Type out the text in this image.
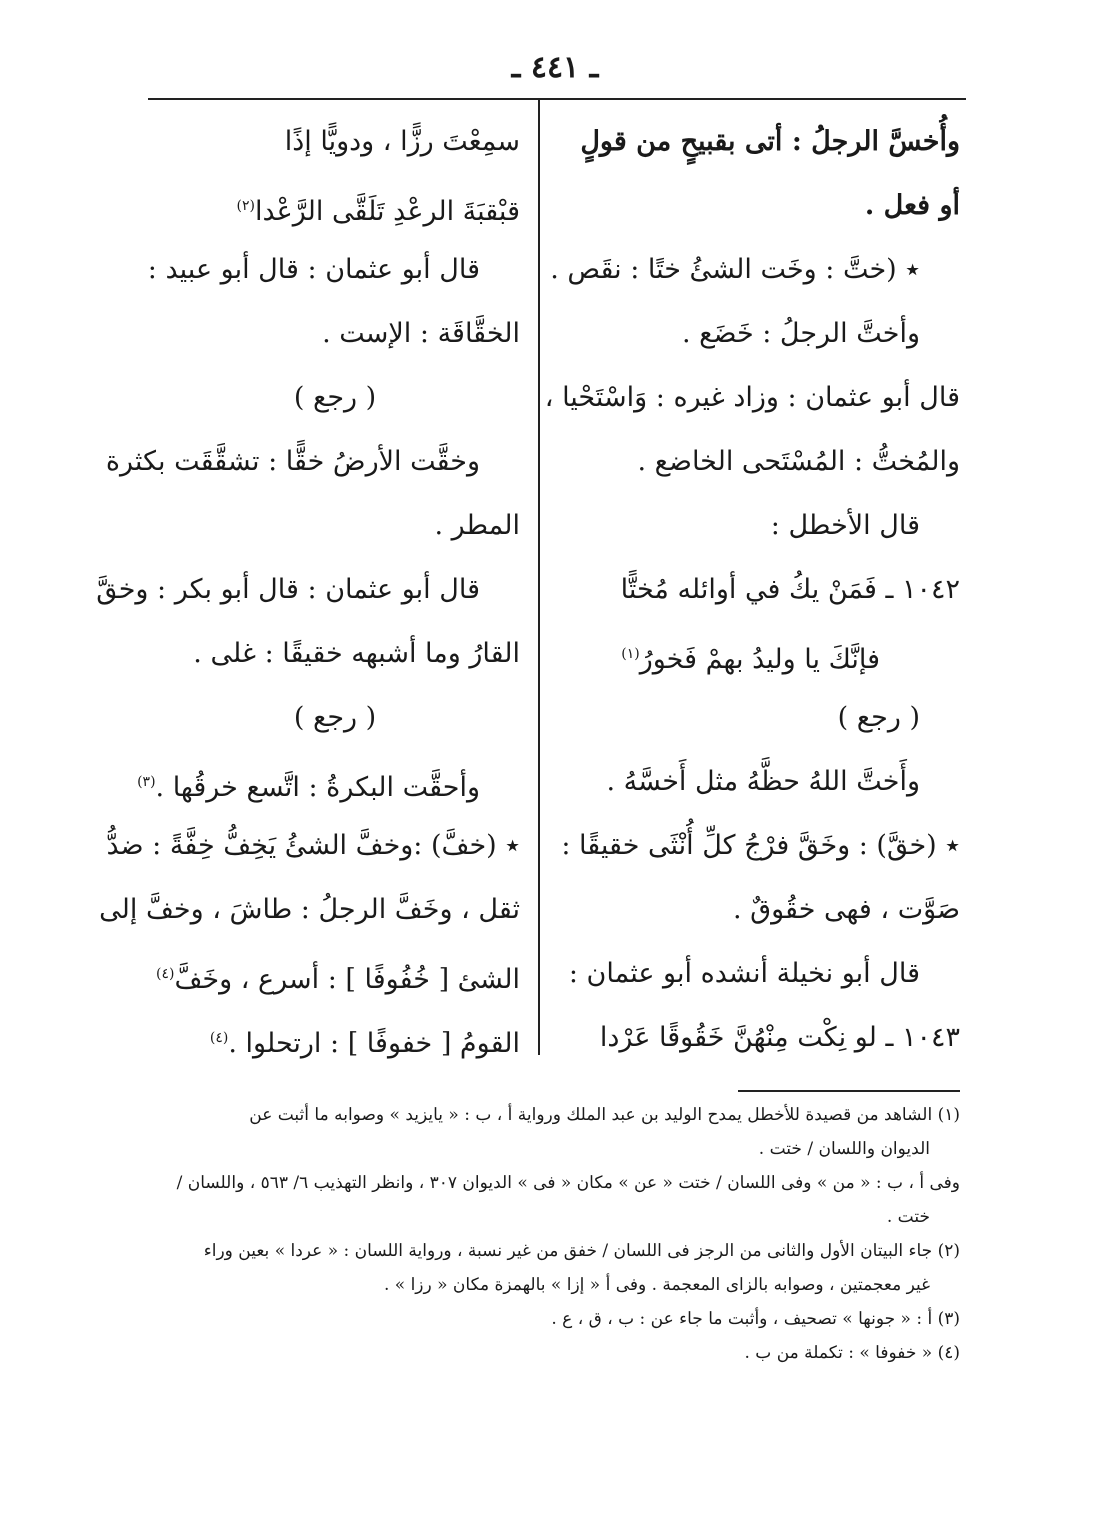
ـ ٤٤١ ـ
وأُخسَّ الرجلُ : أتى بقبيحٍ من قولٍ
أو فعل .
٭ (ختَّ : وخَت الشئُ ختًا : نقَص .
وأختَّ الرجلُ : خَضَع .
قال أبو عثمان : وزاد غيره : وَاسْتَحْيا ،
والمُختُّ : المُسْتَحى الخاضع .
قال الأخطل :
١٠٤٢ ـ فَمَنْ يكُ في أوائله مُختًّا
فإنَّكَ يا وليدُ بهمْ فَخورُ$^{(١)}$
( رجع )
وأَختَّ اللهُ حظَّهُ مثل أَخسَّهُ .
٭ (خقَّ) : وخَقَّ فرْجُ كلِّ أُنْثَى خقيقًا :
صَوَّت ، فهى خقُوقٌ .
قال أبو نخيلة أنشده أبو عثمان :
١٠٤٣ ـ لو نِكْت مِنْهُنَّ خَقُوقًا عَرْدا
سمِعْتَ رزًّا ، ودويًّا إذًا
قبْقبَةَ الرعْدِ تَلَقَّى الرَّعْدا$^{(٢)}$
قال أبو عثمان : قال أبو عبيد :
الخقَّاقَة : الإست .
( رجع )
وخقَّت الأرضُ خقًّا : تشقَّقَت بكثرة
المطر .
قال أبو عثمان : قال أبو بكر : وخقَّ
القارُ وما أشبهه خقيقًا : غلى .
( رجع )
وأحقَّت البكرةُ : اتَّسع خرقُها .$^{(٣)}$
٭ (خفَّ) :وخفَّ الشئُ يَخِفُّ خِفَّةً : ضدُّ
ثقل ، وخَفَّ الرجلُ : طاشَ ، وخفَّ إلى
الشئ [ خُفُوفًا ] : أسرع ، وخَفَّ$^{(٤)}$
القومُ [ خفوفًا ] : ارتحلوا .$^{(٤)}$
(١) الشاهد من قصيدة للأخطل يمدح الوليد بن عبد الملك ورواية أ ، ب : « يايزيد » وصوابه ما أثبت عن
الديوان واللسان / ختت .
وفى أ ، ب : « من » وفى اللسان / ختت « عن » مكان « فى » الديوان ٣٠٧ ، وانظر التهذيب ٦/ ٥٦٣ ، واللسان /
ختت .
(٢) جاء البيتان الأول والثانى من الرجز فى اللسان / خفق من غير نسبة ، ورواية اللسان : « عردا » بعين وراء
غير معجمتين ، وصوابه بالزاى المعجمة . وفى أ « إزا » بالهمزة مكان « رزا » .
(٣) أ : « جونها » تصحيف ، وأثبت ما جاء عن : ب ، ق ، ع .
(٤) « خفوفا » : تكملة من ب .
